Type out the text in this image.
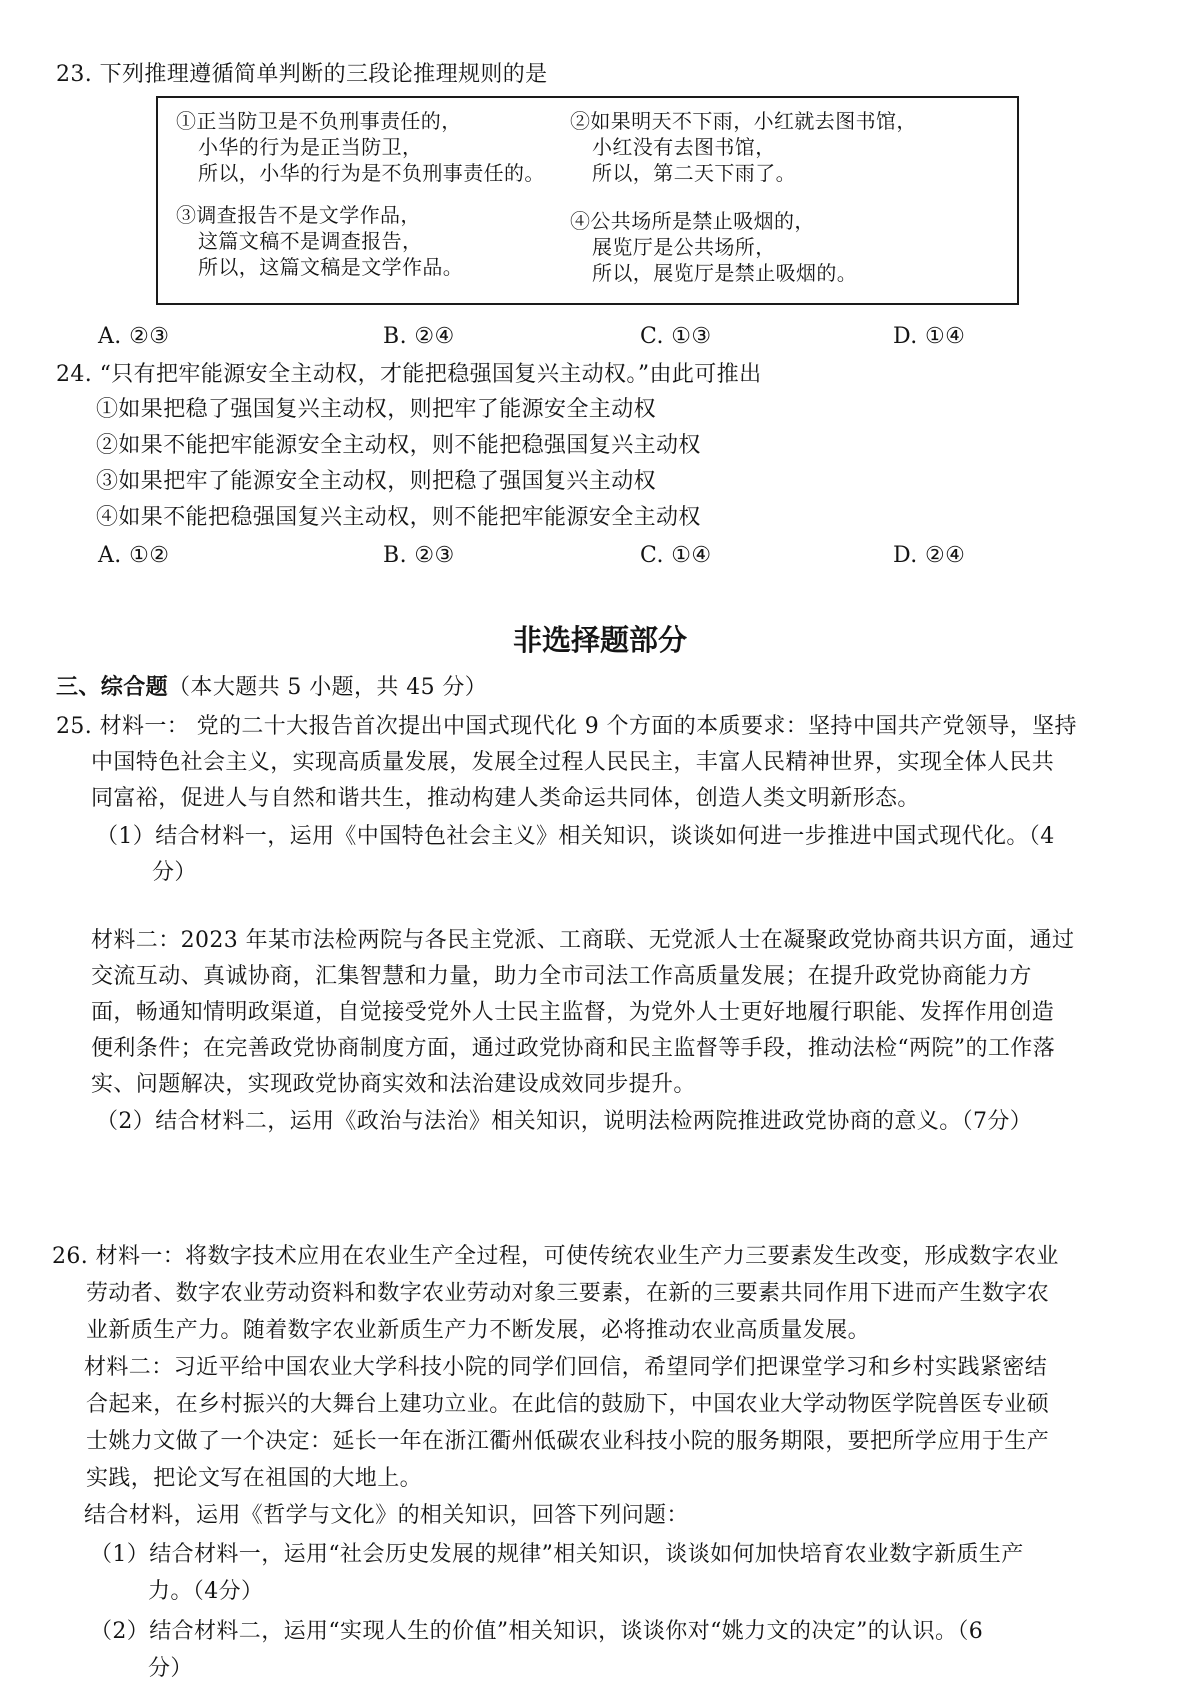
23. 下列推理遵循简单判断的三段论推理规则的是
①正当防卫是不负刑事责任的，
小华的行为是正当防卫，
所以，小华的行为是不负刑事责任的。
②如果明天不下雨，小红就去图书馆，
小红没有去图书馆，
所以，第二天下雨了。
③调查报告不是文学作品，
这篇文稿不是调查报告，
所以，这篇文稿是文学作品。
④公共场所是禁止吸烟的，
展览厅是公共场所，
所以，展览厅是禁止吸烟的。
A. ②③	B. ②④	C. ①③	D. ①④
24. “只有把牢能源安全主动权，才能把稳强国复兴主动权。”由此可推出
①如果把稳了强国复兴主动权，则把牢了能源安全主动权
②如果不能把牢能源安全主动权，则不能把稳强国复兴主动权
③如果把牢了能源安全主动权，则把稳了强国复兴主动权
④如果不能把稳强国复兴主动权，则不能把牢能源安全主动权
A. ①②	B. ②③	C. ①④	D. ②④
非选择题部分
三、综合题（本大题共 5 小题，共 45 分）
25. 材料一： 党的二十大报告首次提出中国式现代化 9 个方面的本质要求：坚持中国共产党领导，坚持
中国特色社会主义，实现高质量发展，发展全过程人民民主，丰富人民精神世界，实现全体人民共
同富裕，促进人与自然和谐共生，推动构建人类命运共同体，创造人类文明新形态。
（1）结合材料一，运用《中国特色社会主义》相关知识，谈谈如何进一步推进中国式现代化。（4
分）
材料二：2023 年某市法检两院与各民主党派、工商联、无党派人士在凝聚政党协商共识方面，通过
交流互动、真诚协商，汇集智慧和力量，助力全市司法工作高质量发展；在提升政党协商能力方
面，畅通知情明政渠道，自觉接受党外人士民主监督，为党外人士更好地履行职能、发挥作用创造
便利条件；在完善政党协商制度方面，通过政党协商和民主监督等手段，推动法检“两院”的工作落
实、问题解决，实现政党协商实效和法治建设成效同步提升。
（2）结合材料二，运用《政治与法治》相关知识，说明法检两院推进政党协商的意义。（7分）
26. 材料一：将数字技术应用在农业生产全过程，可使传统农业生产力三要素发生改变，形成数字农业
劳动者、数字农业劳动资料和数字农业劳动对象三要素，在新的三要素共同作用下进而产生数字农
业新质生产力。随着数字农业新质生产力不断发展，必将推动农业高质量发展。
材料二：习近平给中国农业大学科技小院的同学们回信，希望同学们把课堂学习和乡村实践紧密结
合起来，在乡村振兴的大舞台上建功立业。在此信的鼓励下，中国农业大学动物医学院兽医专业硕
士姚力文做了一个决定：延长一年在浙江衢州低碳农业科技小院的服务期限，要把所学应用于生产
实践，把论文写在祖国的大地上。
结合材料，运用《哲学与文化》的相关知识，回答下列问题：
（1）结合材料一，运用“社会历史发展的规律”相关知识，谈谈如何加快培育农业数字新质生产
力。（4分）
（2）结合材料二，运用“实现人生的价值”相关知识，谈谈你对“姚力文的决定”的认识。（6
分）
